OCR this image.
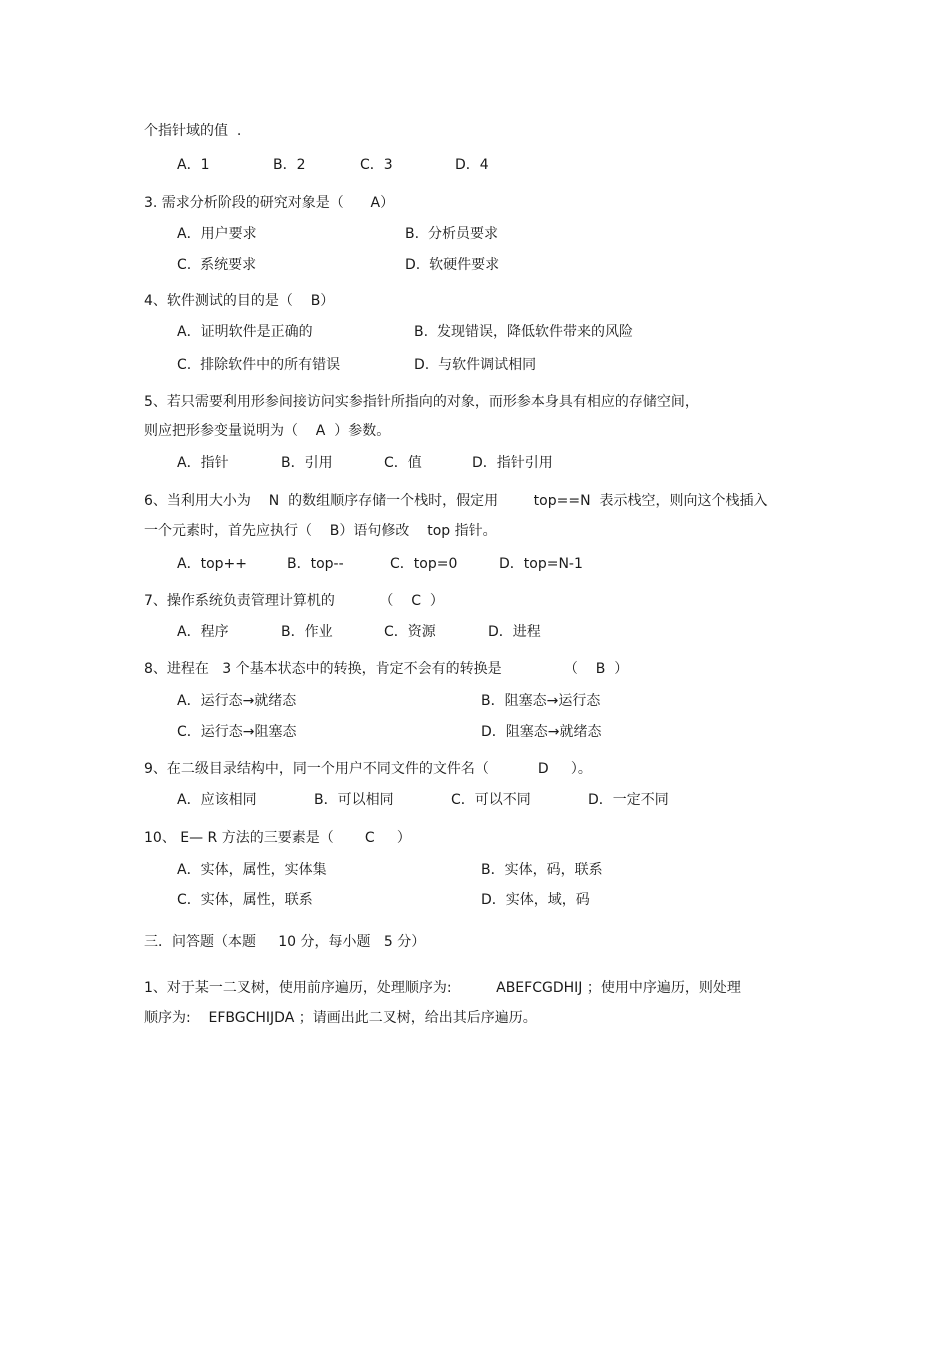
个指针域的值  .
A．1	B．2	C．3	D．4
3. 需求分析阶段的研究对象是（      A）
A．用户要求	B.  分析员要求
C.  系统要求	D.  软硬件要求
4、软件测试的目的是（    B）
A．证明软件是正确的	B.  发现错误，降低软件带来的风险
C.  排除软件中的所有错误	D.  与软件调试相同
5、若只需要利用形参间接访问实参指针所指向的对象，而形参本身具有相应的存储空间，
则应把形参变量说明为（    A  ）参数。
A．指针	B．引用	C．值	D．指针引用
6、当利用大小为    N  的数组顺序存储一个栈时，假定用        top==N  表示栈空，则向这个栈插入
一个元素时，首先应执行（    B）语句修改    top 指针。
A．top++	B．top--	C．top=0	D．top=N-1
7、操作系统负责管理计算机的          （    C  ）
A．程序	B．作业	C．资源	D．进程
8、进程在   3 个基本状态中的转换，肯定不会有的转换是              （    B  ）
A．运行态→就绪态	B．阻塞态→运行态
C．运行态→阻塞态	D．阻塞态→就绪态
9、在二级目录结构中，同一个用户不同文件的文件名（           D     ）。
A．应该相同	B．可以相同	C．可以不同	D．一定不同
10、 E— R 方法的三要素是（       C     ）
A．实体，属性，实体集	B．实体，码，联系
C．实体，属性，联系	D．实体，域，码
三．问答题（本题     10 分，每小题   5 分）
1、对于某一二叉树，使用前序遍历，处理顺序为:          ABEFCGDHIJ ；使用中序遍历，则处理
顺序为:    EFBGCHIJDA ；请画出此二叉树，给出其后序遍历。
